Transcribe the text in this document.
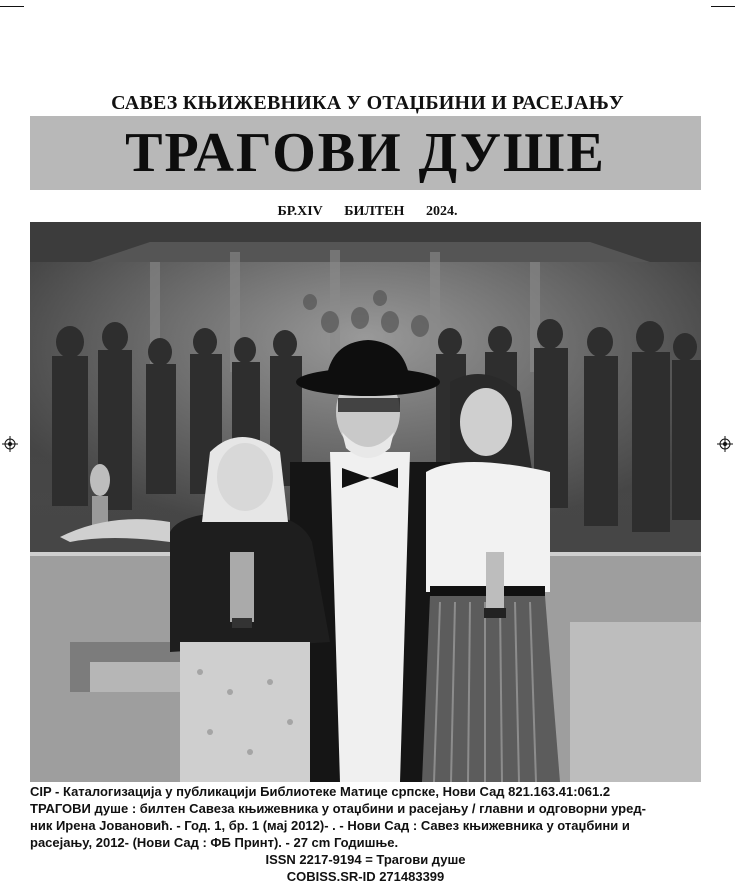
САВЕЗ КЊИЖЕВНИКА У ОТАЏБИНИ И РАСЕЈАЊУ
ТРАГОВИ ДУШЕ
БР.XIV БИЛТЕН 2024.
CIP - Каталогизација у публикацији Библиотеке Матице српске, Нови Сад 821.163.41:061.2
ТРАГОВИ душе : билтен Савеза књижевника у отаџбини и расејању / главни и одговорни уред-
ник Ирена Јовановић. - Год. 1, бр. 1 (мај 2012)- . - Нови Сад : Савез књижевника у отаџбини и
расејању, 2012- (Нови Сад : ФБ Принт). - 27 cm Годишње.
ISSN 2217-9194 = Трагови душе
COBISS.SR-ID 271483399
